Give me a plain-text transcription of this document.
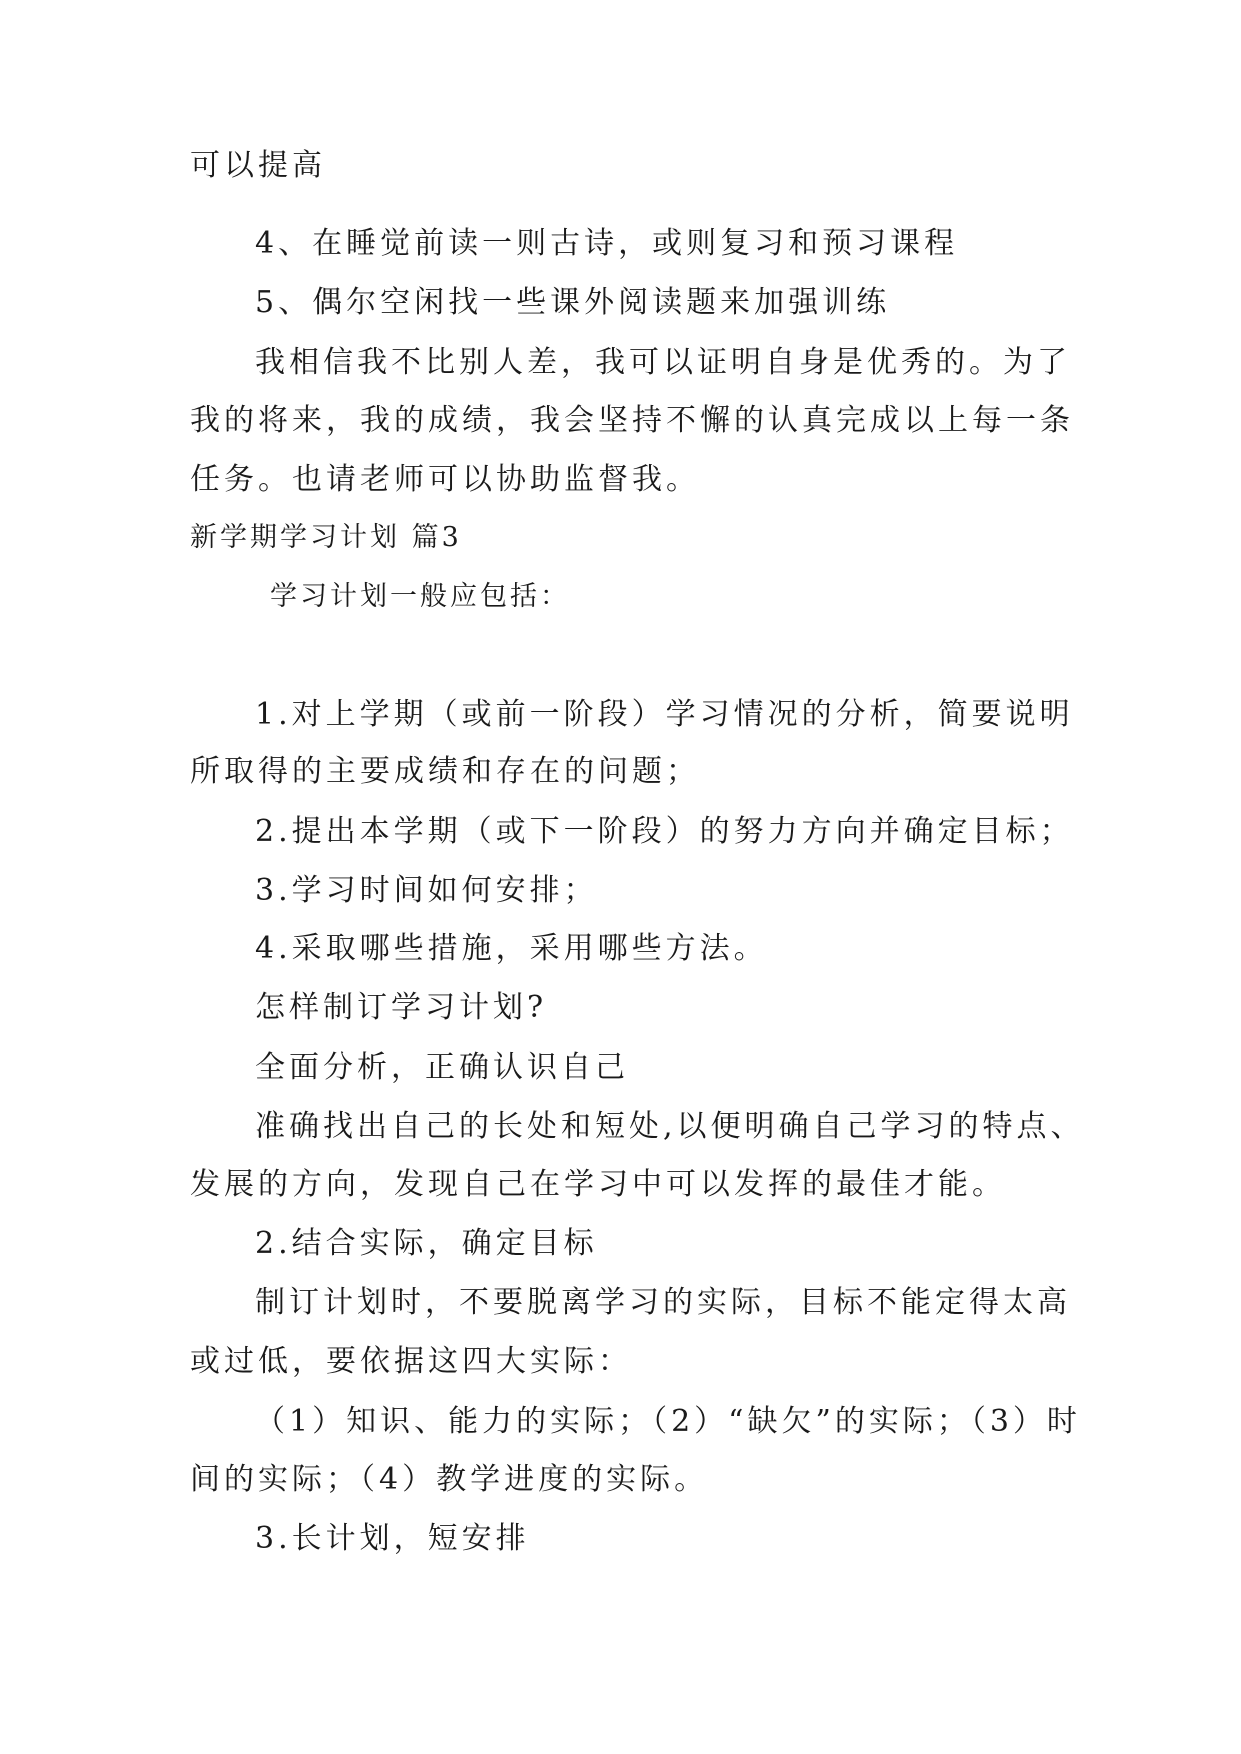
可以提高
4、在睡觉前读一则古诗，或则复习和预习课程
5、偶尔空闲找一些课外阅读题来加强训练
我相信我不比别人差，我可以证明自身是优秀的。为了
我的将来，我的成绩，我会坚持不懈的认真完成以上每一条
任务。也请老师可以协助监督我。
新学期学习计划 篇3
学习计划一般应包括：
1.对上学期（或前一阶段）学习情况的分析，简要说明
所取得的主要成绩和存在的问题；
2.提出本学期（或下一阶段）的努力方向并确定目标；
3.学习时间如何安排；
4.采取哪些措施，采用哪些方法。
怎样制订学习计划?
全面分析，正确认识自己
准确找出自己的长处和短处,以便明确自己学习的特点、
发展的方向，发现自己在学习中可以发挥的最佳才能。
2.结合实际，确定目标
制订计划时，不要脱离学习的实际，目标不能定得太高
或过低，要依据这四大实际：
（1）知识、能力的实际；（2）“缺欠”的实际；（3）时
间的实际；（4）教学进度的实际。
3.长计划，短安排
